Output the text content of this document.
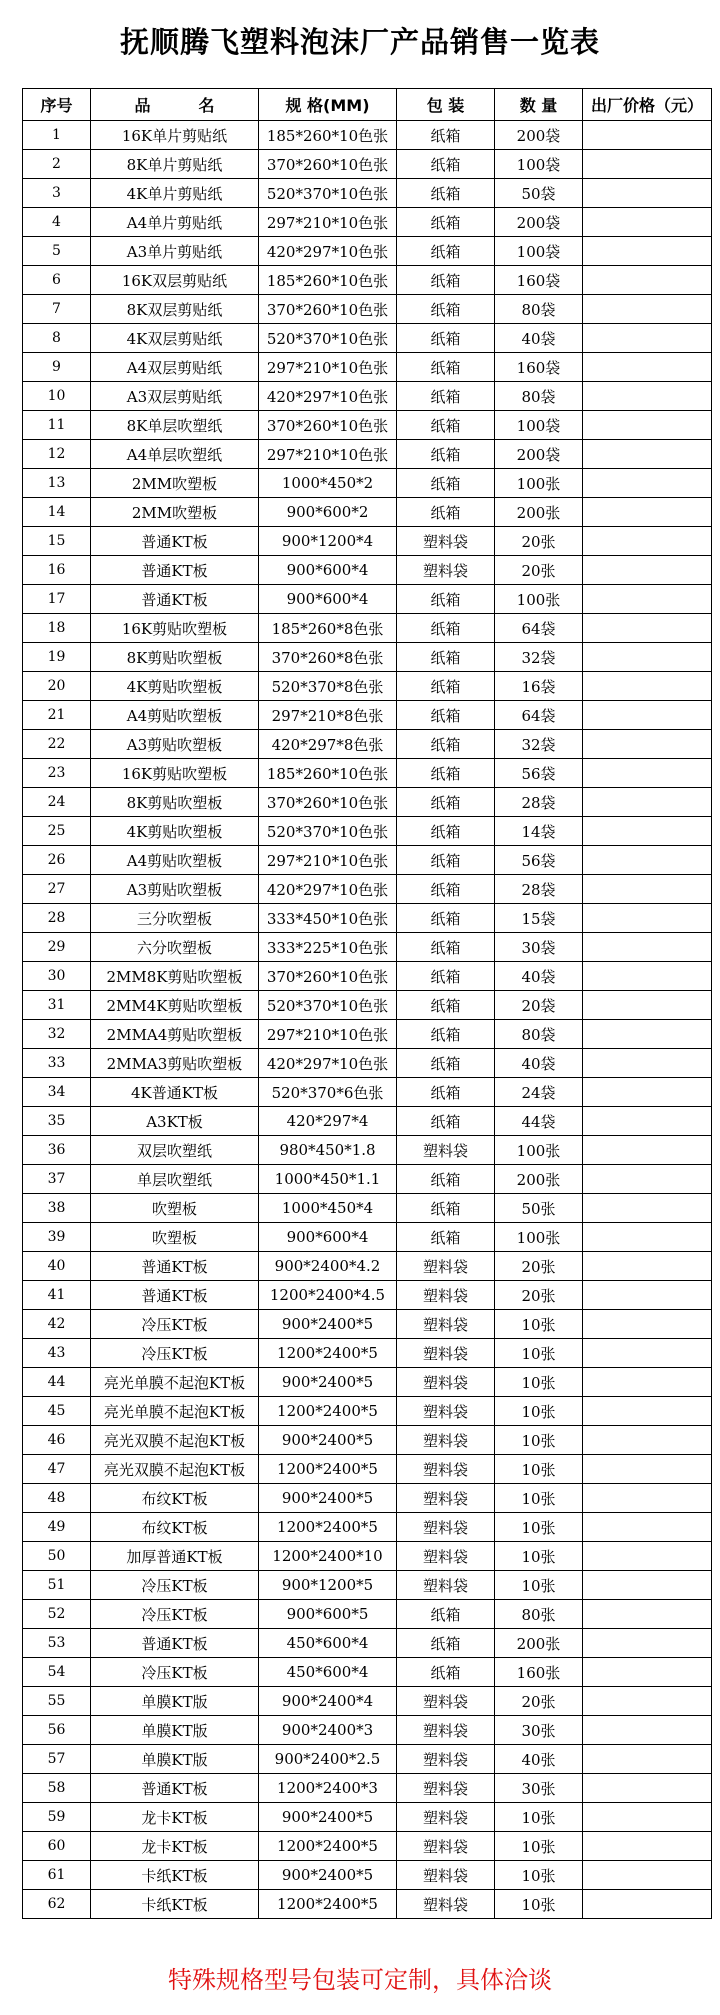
抚顺腾飞塑料泡沫厂产品销售一览表
序号	品 名	规 格(MM)	包 装	数 量	出厂价格（元）
1	16K单片剪贴纸	185*260*10色张	纸箱	200袋	
2	8K单片剪贴纸	370*260*10色张	纸箱	100袋	
3	4K单片剪贴纸	520*370*10色张	纸箱	50袋	
4	A4单片剪贴纸	297*210*10色张	纸箱	200袋	
5	A3单片剪贴纸	420*297*10色张	纸箱	100袋	
6	16K双层剪贴纸	185*260*10色张	纸箱	160袋	
7	8K双层剪贴纸	370*260*10色张	纸箱	80袋	
8	4K双层剪贴纸	520*370*10色张	纸箱	40袋	
9	A4双层剪贴纸	297*210*10色张	纸箱	160袋	
10	A3双层剪贴纸	420*297*10色张	纸箱	80袋	
11	8K单层吹塑纸	370*260*10色张	纸箱	100袋	
12	A4单层吹塑纸	297*210*10色张	纸箱	200袋	
13	2MM吹塑板	1000*450*2	纸箱	100张	
14	2MM吹塑板	900*600*2	纸箱	200张	
15	普通KT板	900*1200*4	塑料袋	20张	
16	普通KT板	900*600*4	塑料袋	20张	
17	普通KT板	900*600*4	纸箱	100张	
18	16K剪贴吹塑板	185*260*8色张	纸箱	64袋	
19	8K剪贴吹塑板	370*260*8色张	纸箱	32袋	
20	4K剪贴吹塑板	520*370*8色张	纸箱	16袋	
21	A4剪贴吹塑板	297*210*8色张	纸箱	64袋	
22	A3剪贴吹塑板	420*297*8色张	纸箱	32袋	
23	16K剪贴吹塑板	185*260*10色张	纸箱	56袋	
24	8K剪贴吹塑板	370*260*10色张	纸箱	28袋	
25	4K剪贴吹塑板	520*370*10色张	纸箱	14袋	
26	A4剪贴吹塑板	297*210*10色张	纸箱	56袋	
27	A3剪贴吹塑板	420*297*10色张	纸箱	28袋	
28	三分吹塑板	333*450*10色张	纸箱	15袋	
29	六分吹塑板	333*225*10色张	纸箱	30袋	
30	2MM8K剪贴吹塑板	370*260*10色张	纸箱	40袋	
31	2MM4K剪贴吹塑板	520*370*10色张	纸箱	20袋	
32	2MMA4剪贴吹塑板	297*210*10色张	纸箱	80袋	
33	2MMA3剪贴吹塑板	420*297*10色张	纸箱	40袋	
34	4K普通KT板	520*370*6色张	纸箱	24袋	
35	A3KT板	420*297*4	纸箱	44袋	
36	双层吹塑纸	980*450*1.8	塑料袋	100张	
37	单层吹塑纸	1000*450*1.1	纸箱	200张	
38	吹塑板	1000*450*4	纸箱	50张	
39	吹塑板	900*600*4	纸箱	100张	
40	普通KT板	900*2400*4.2	塑料袋	20张	
41	普通KT板	1200*2400*4.5	塑料袋	20张	
42	冷压KT板	900*2400*5	塑料袋	10张	
43	冷压KT板	1200*2400*5	塑料袋	10张	
44	亮光单膜不起泡KT板	900*2400*5	塑料袋	10张	
45	亮光单膜不起泡KT板	1200*2400*5	塑料袋	10张	
46	亮光双膜不起泡KT板	900*2400*5	塑料袋	10张	
47	亮光双膜不起泡KT板	1200*2400*5	塑料袋	10张	
48	布纹KT板	900*2400*5	塑料袋	10张	
49	布纹KT板	1200*2400*5	塑料袋	10张	
50	加厚普通KT板	1200*2400*10	塑料袋	10张	
51	冷压KT板	900*1200*5	塑料袋	10张	
52	冷压KT板	900*600*5	纸箱	80张	
53	普通KT板	450*600*4	纸箱	200张	
54	冷压KT板	450*600*4	纸箱	160张	
55	单膜KT版	900*2400*4	塑料袋	20张	
56	单膜KT版	900*2400*3	塑料袋	30张	
57	单膜KT版	900*2400*2.5	塑料袋	40张	
58	普通KT板	1200*2400*3	塑料袋	30张	
59	龙卡KT板	900*2400*5	塑料袋	10张	
60	龙卡KT板	1200*2400*5	塑料袋	10张	
61	卡纸KT板	900*2400*5	塑料袋	10张	
62	卡纸KT板	1200*2400*5	塑料袋	10张	
特殊规格型号包装可定制，具体洽谈
